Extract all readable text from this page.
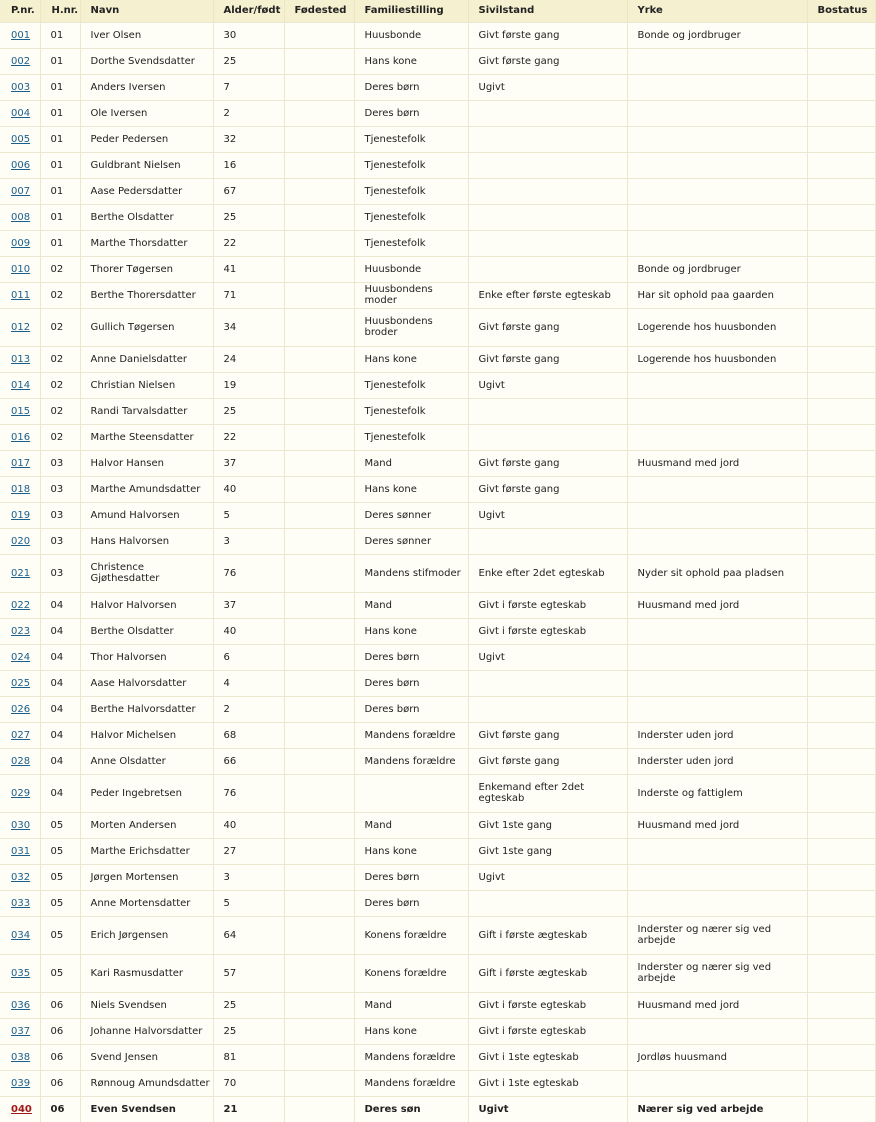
P.nr.	H.nr.	Navn	Alder/født	Fødested	Familiestilling	Sivilstand	Yrke	Bostatus
001	01	Iver Olsen	30		Huusbonde	Givt første gang	Bonde og jordbruger	
002	01	Dorthe Svendsdatter	25		Hans kone	Givt første gang		
003	01	Anders Iversen	7		Deres børn	Ugivt		
004	01	Ole Iversen	2		Deres børn			
005	01	Peder Pedersen	32		Tjenestefolk			
006	01	Guldbrant Nielsen	16		Tjenestefolk			
007	01	Aase Pedersdatter	67		Tjenestefolk			
008	01	Berthe Olsdatter	25		Tjenestefolk			
009	01	Marthe Thorsdatter	22		Tjenestefolk			
010	02	Thorer Tøgersen	41		Huusbonde		Bonde og jordbruger	
011	02	Berthe Thorersdatter	71		Huusbondens moder	Enke efter første egteskab	Har sit ophold paa gaarden	
012	02	Gullich Tøgersen	34		Huusbondens broder	Givt første gang	Logerende hos huusbonden	
013	02	Anne Danielsdatter	24		Hans kone	Givt første gang	Logerende hos huusbonden	
014	02	Christian Nielsen	19		Tjenestefolk	Ugivt		
015	02	Randi Tarvalsdatter	25		Tjenestefolk			
016	02	Marthe Steensdatter	22		Tjenestefolk			
017	03	Halvor Hansen	37		Mand	Givt første gang	Huusmand med jord	
018	03	Marthe Amundsdatter	40		Hans kone	Givt første gang		
019	03	Amund Halvorsen	5		Deres sønner	Ugivt		
020	03	Hans Halvorsen	3		Deres sønner			
021	03	Christence Gjøthesdatter	76		Mandens stifmoder	Enke efter 2det egteskab	Nyder sit ophold paa pladsen	
022	04	Halvor Halvorsen	37		Mand	Givt i første egteskab	Huusmand med jord	
023	04	Berthe Olsdatter	40		Hans kone	Givt i første egteskab		
024	04	Thor Halvorsen	6		Deres børn	Ugivt		
025	04	Aase Halvorsdatter	4		Deres børn			
026	04	Berthe Halvorsdatter	2		Deres børn			
027	04	Halvor Michelsen	68		Mandens forældre	Givt første gang	Inderster uden jord	
028	04	Anne Olsdatter	66		Mandens forældre	Givt første gang	Inderster uden jord	
029	04	Peder Ingebretsen	76			Enkemand efter 2det egteskab	Inderste og fattiglem	
030	05	Morten Andersen	40		Mand	Givt 1ste gang	Huusmand med jord	
031	05	Marthe Erichsdatter	27		Hans kone	Givt 1ste gang		
032	05	Jørgen Mortensen	3		Deres børn	Ugivt		
033	05	Anne Mortensdatter	5		Deres børn			
034	05	Erich Jørgensen	64		Konens forældre	Gift i første ægteskab	Inderster og nærer sig ved arbejde	
035	05	Kari Rasmusdatter	57		Konens forældre	Gift i første ægteskab	Inderster og nærer sig ved arbejde	
036	06	Niels Svendsen	25		Mand	Givt i første egteskab	Huusmand med jord	
037	06	Johanne Halvorsdatter	25		Hans kone	Givt i første egteskab		
038	06	Svend Jensen	81		Mandens forældre	Givt i 1ste egteskab	Jordløs huusmand	
039	06	Rønnoug Amundsdatter	70		Mandens forældre	Givt i 1ste egteskab		
040	06	Even Svendsen	21		Deres søn	Ugivt	Nærer sig ved arbejde	
